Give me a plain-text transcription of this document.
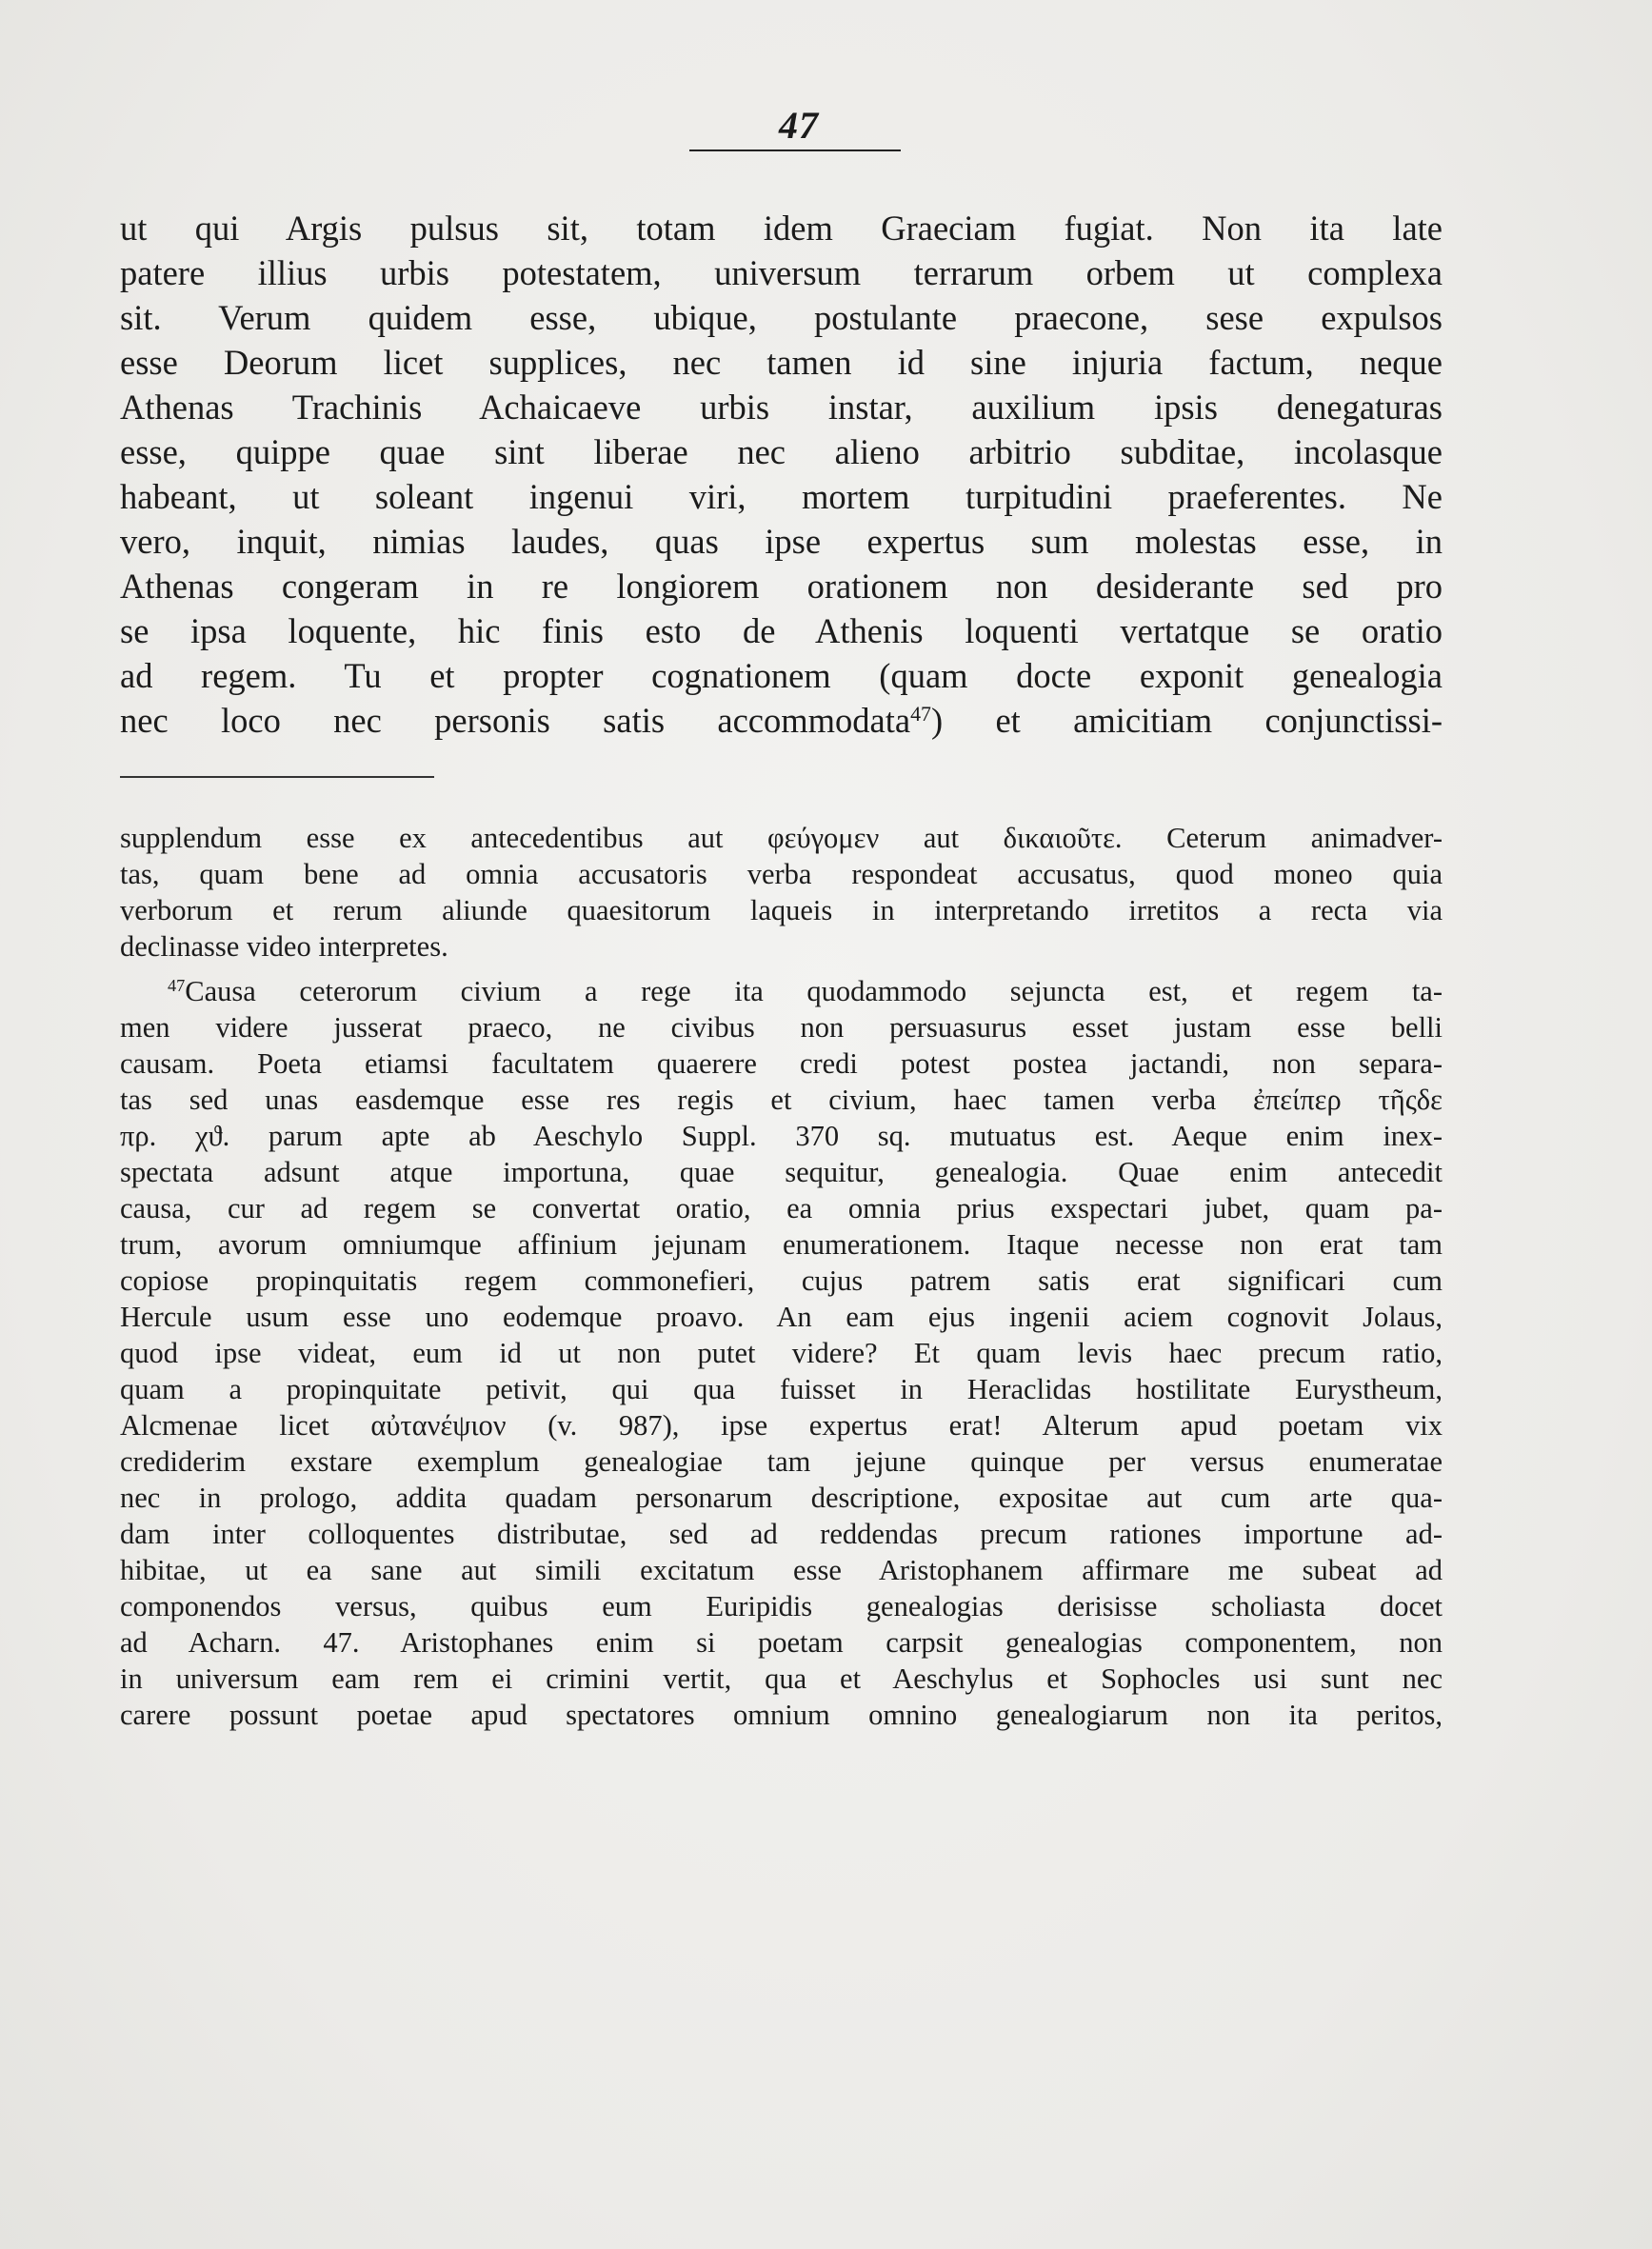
47
ut qui Argis pulsus sit, totam idem Graeciam fugiat. Non ita late
patere illius urbis potestatem, universum terrarum orbem ut complexa
sit. Verum quidem esse, ubique, postulante praecone, sese expulsos
esse Deorum licet supplices, nec tamen id sine injuria factum, neque
Athenas Trachinis Achaicaeve urbis instar, auxilium ipsis denegaturas
esse, quippe quae sint liberae nec alieno arbitrio subditae, incolasque
habeant, ut soleant ingenui viri, mortem turpitudini praeferentes. Ne
vero, inquit, nimias laudes, quas ipse expertus sum molestas esse, in
Athenas congeram in re longiorem orationem non desiderante sed pro
se ipsa loquente, hic finis esto de Athenis loquenti vertatque se oratio
ad regem. Tu et propter cognationem (quam docte exponit genealogia
nec loco nec personis satis accommodata$^{47}$) et amicitiam conjunctissi-
supplendum esse ex antecedentibus aut φεύγομεν aut δικαιοῦτε. Ceterum animadver-
tas, quam bene ad omnia accusatoris verba respondeat accusatus, quod moneo quia
verborum et rerum aliunde quaesitorum laqueis in interpretando irretitos a recta via
declinasse video interpretes.
$^{47}$Causa ceterorum civium a rege ita quodammodo sejuncta est, et regem ta-
men videre jusserat praeco, ne civibus non persuasurus esset justam esse belli
causam. Poeta etiamsi facultatem quaerere credi potest postea jactandi, non separa-
tas sed unas easdemque esse res regis et civium, haec tamen verba ἐπείπερ τῆςδε
πρ. χϑ. parum apte ab Aeschylo Suppl. 370 sq. mutuatus est. Aeque enim inex-
spectata adsunt atque importuna, quae sequitur, genealogia. Quae enim antecedit
causa, cur ad regem se convertat oratio, ea omnia prius exspectari jubet, quam pa-
trum, avorum omniumque affinium jejunam enumerationem. Itaque necesse non erat tam
copiose propinquitatis regem commonefieri, cujus patrem satis erat significari cum
Hercule usum esse uno eodemque proavo. An eam ejus ingenii aciem cognovit Jolaus,
quod ipse videat, eum id ut non putet videre? Et quam levis haec precum ratio,
quam a propinquitate petivit, qui qua fuisset in Heraclidas hostilitate Eurystheum,
Alcmenae licet αὐτανέψιον (v. 987), ipse expertus erat! Alterum apud poetam vix
crediderim exstare exemplum genealogiae tam jejune quinque per versus enumeratae
nec in prologo, addita quadam personarum descriptione, expositae aut cum arte qua-
dam inter colloquentes distributae, sed ad reddendas precum rationes importune ad-
hibitae, ut ea sane aut simili excitatum esse Aristophanem affirmare me subeat ad
componendos versus, quibus eum Euripidis genealogias derisisse scholiasta docet
ad Acharn. 47. Aristophanes enim si poetam carpsit genealogias componentem, non
in universum eam rem ei crimini vertit, qua et Aeschylus et Sophocles usi sunt nec
carere possunt poetae apud spectatores omnium omnino genealogiarum non ita peritos,
